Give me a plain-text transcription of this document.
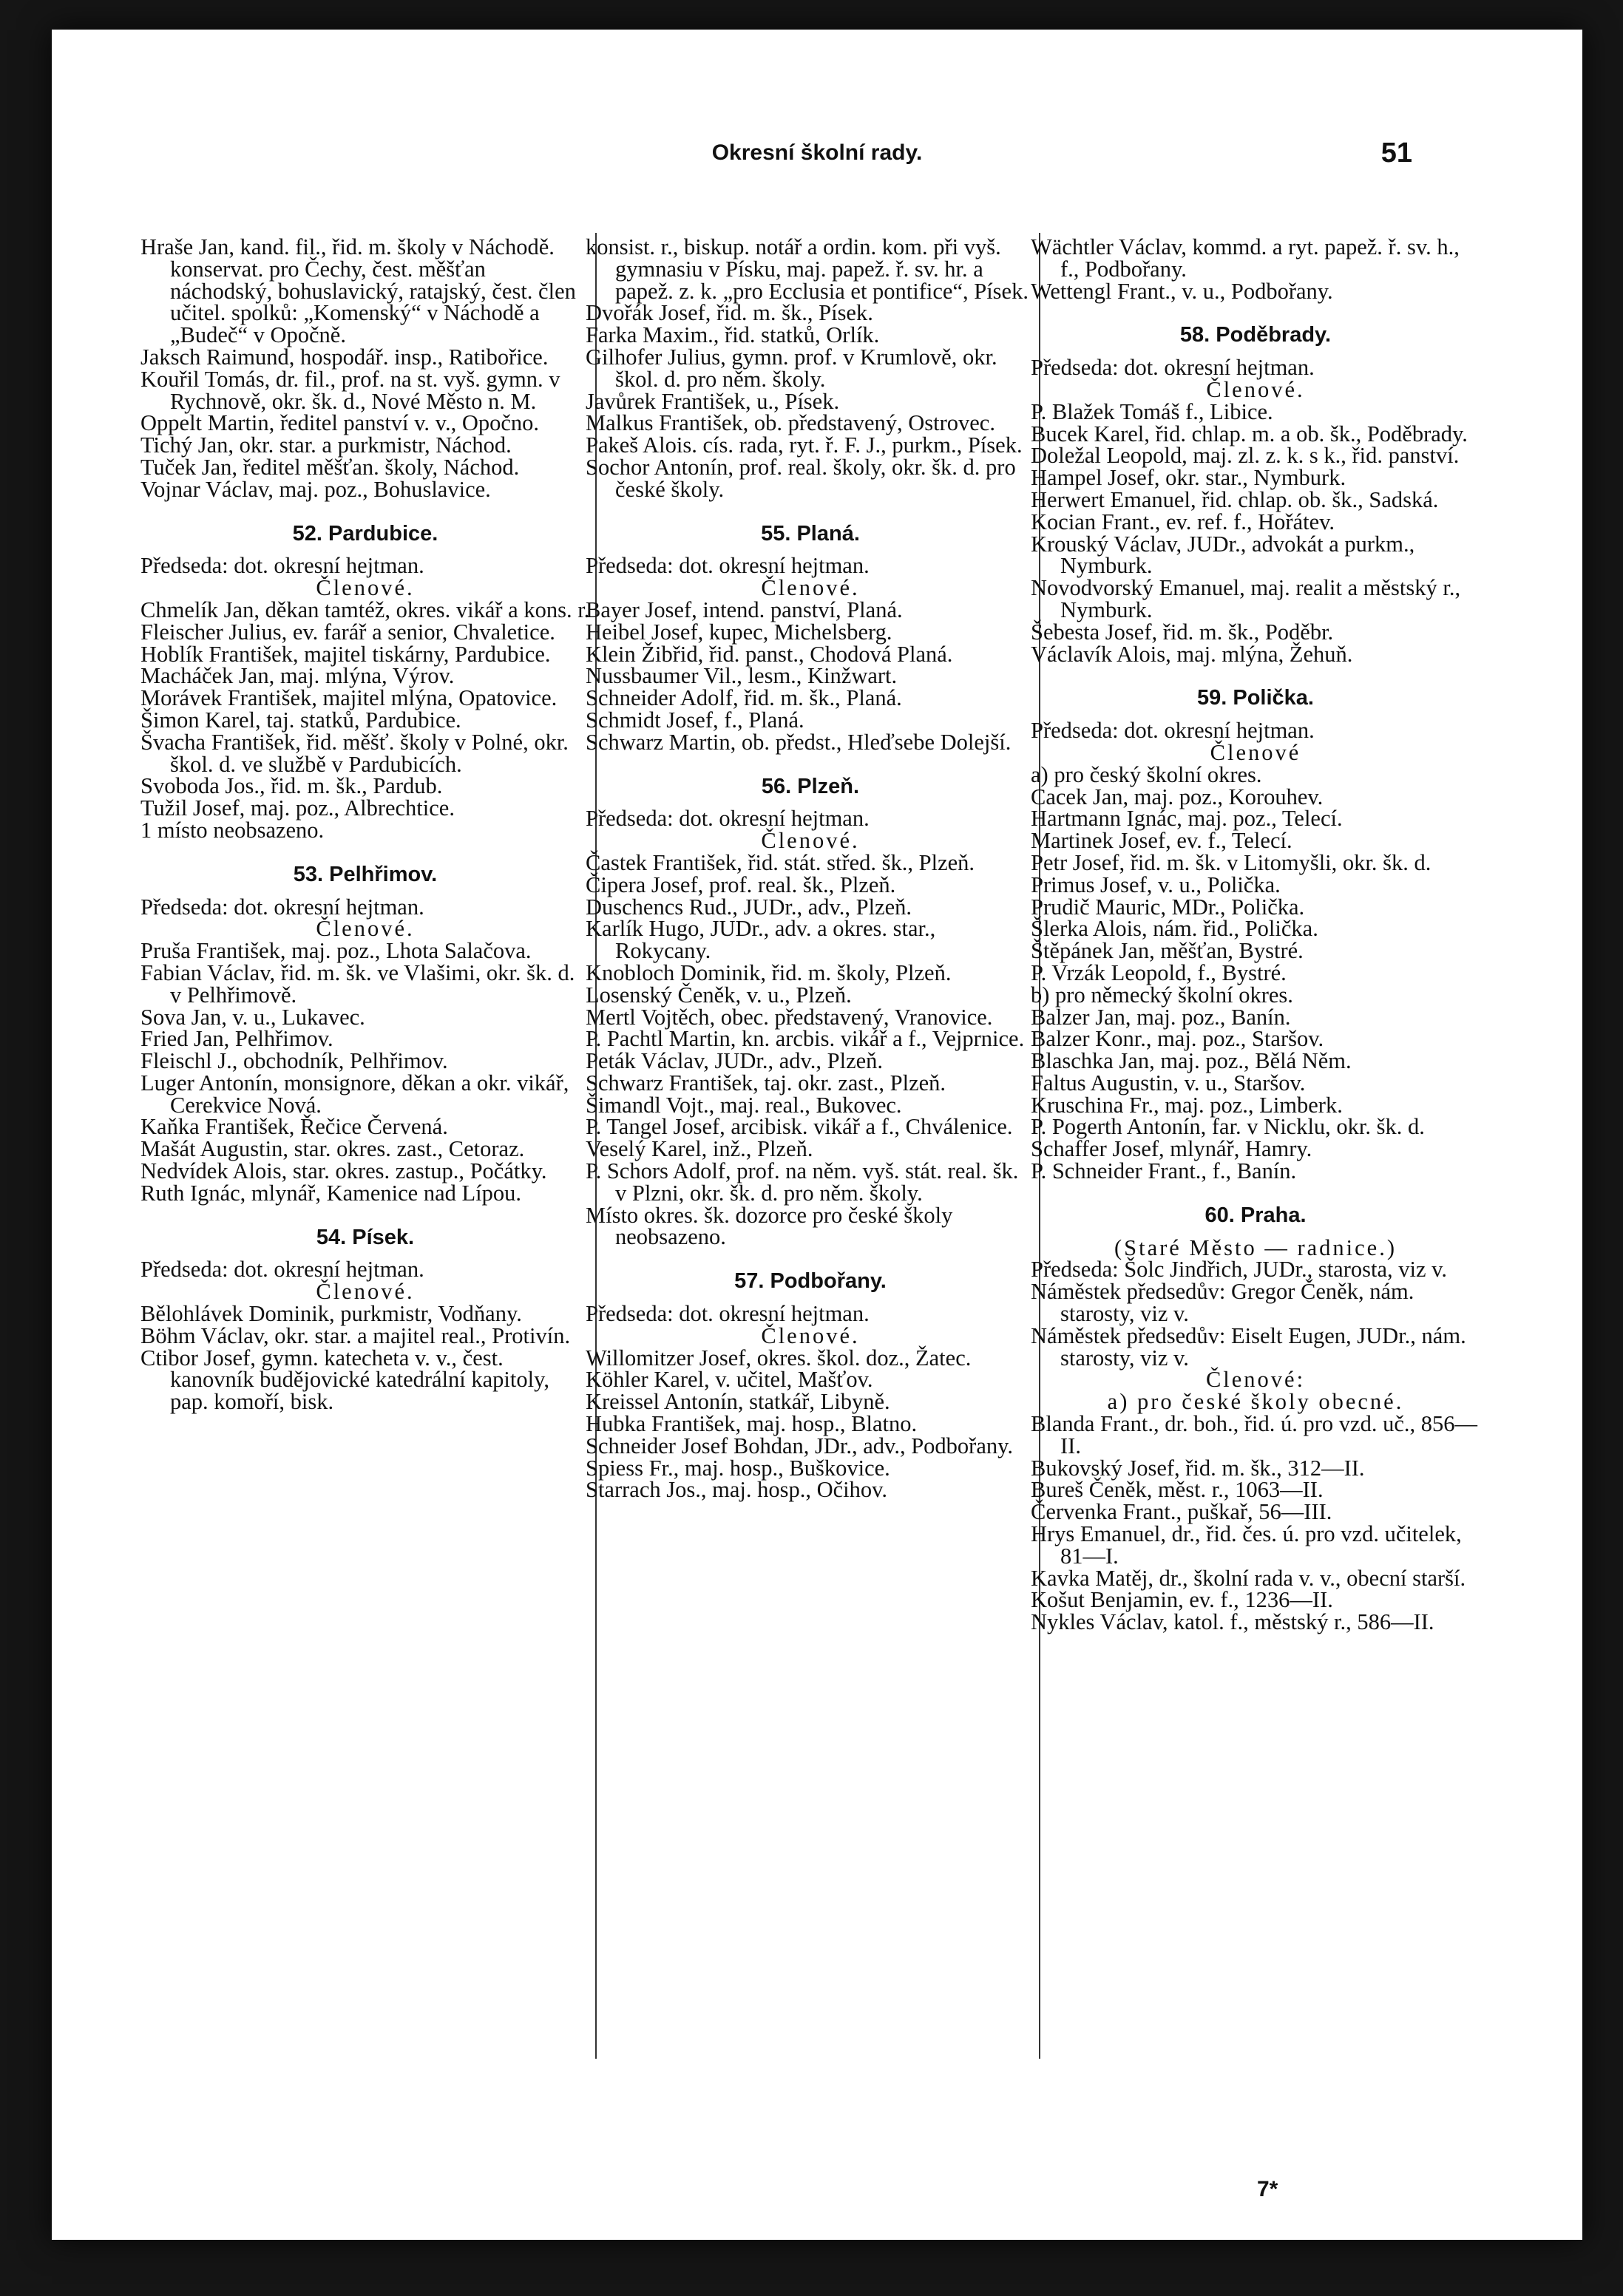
Okresní školní rady.	51

Hraše Jan, kand. fil., řid. m. školy v Náchodě. konservat. pro Čechy, čest. měšťan náchodský, bohuslavický, ratajský, čest. člen učitel. spolků: „Komenský“ v Náchodě a „Budeč“ v Opočně.

Jaksch Raimund, hospodář. insp., Ratibořice.

Kouřil Tomás, dr. fil., prof. na st. vyš. gymn. v Rychnově, okr. šk. d., Nové Město n. M.

Oppelt Martin, ředitel panství v. v., Opočno.

Tichý Jan, okr. star. a purkmistr, Náchod.

Tuček Jan, ředitel měšťan. školy, Náchod.

Vojnar Václav, maj. poz., Bohuslavice.

52. Pardubice.

Předseda: dot. okresní hejtman.

Členové.

Chmelík Jan, děkan tamtéž, okres. vikář a kons. r.

Fleischer Julius, ev. farář a senior, Chvaletice.

Hoblík František, majitel tiskárny, Pardubice.

Macháček Jan, maj. mlýna, Výrov.

Morávek František, majitel mlýna, Opatovice.

Šimon Karel, taj. statků, Pardubice.

Švacha František, řid. měšť. školy v Polné, okr. škol. d. ve službě v Pardubicích.

Svoboda Jos., řid. m. šk., Pardub.

Tužil Josef, maj. poz., Albrechtice.

1 místo neobsazeno.

53. Pelhřimov.

Předseda: dot. okresní hejtman.

Členové.

Pruša František, maj. poz., Lhota Salačova.

Fabian Václav, řid. m. šk. ve Vlašimi, okr. šk. d. v Pelhřimově.

Sova Jan, v. u., Lukavec.

Fried Jan, Pelhřimov.

Fleischl J., obchodník, Pelhřimov.

Luger Antonín, monsignore, děkan a okr. vikář, Cerekvice Nová.

Kaňka František, Řečice Červená.

Mašát Augustin, star. okres. zast., Cetoraz.

Nedvídek Alois, star. okres. zastup., Počátky.

Ruth Ignác, mlynář, Kamenice nad Lípou.

54. Písek.

Předseda: dot. okresní hejtman.

Členové.

Bělohlávek Dominik, purkmistr, Vodňany.

Böhm Václav, okr. star. a majitel real., Protivín.

Ctibor Josef, gymn. katecheta v. v., čest. kanovník budějovické katedrální kapitoly, pap. komoří, bisk.

konsist. r., biskup. notář a ordin. kom. při vyš. gymnasiu v Písku, maj. papež. ř. sv. hr. a papež. z. k. „pro Ecclusia et pontifice“, Písek.

Dvořák Josef, řid. m. šk., Písek.

Farka Maxim., řid. statků, Orlík.

Gilhofer Julius, gymn. prof. v Krumlově, okr. škol. d. pro něm. školy.

Javůrek František, u., Písek.

Malkus František, ob. představený, Ostrovec.

Pakeš Alois. cís. rada, ryt. ř. F. J., purkm., Písek.

Sochor Antonín, prof. real. školy, okr. šk. d. pro české školy.

55. Planá.

Předseda: dot. okresní hejtman.

Členové.

Bayer Josef, intend. panství, Planá.

Heibel Josef, kupec, Michelsberg.

Klein Žibřid, řid. panst., Chodová Planá.

Nussbaumer Vil., lesm., Kinžwart.

Schneider Adolf, řid. m. šk., Planá.

Schmidt Josef, f., Planá.

Schwarz Martin, ob. předst., Hleďsebe Dolejší.

56. Plzeň.

Předseda: dot. okresní hejtman.

Členové.

Častek František, řid. stát. střed. šk., Plzeň.

Čipera Josef, prof. real. šk., Plzeň.

Duschencs Rud., JUDr., adv., Plzeň.

Karlík Hugo, JUDr., adv. a okres. star., Rokycany.

Knobloch Dominik, řid. m. školy, Plzeň.

Losenský Čeněk, v. u., Plzeň.

Mertl Vojtěch, obec. představený, Vranovice.

P. Pachtl Martin, kn. arcbis. vikář a f., Vejprnice.

Peták Václav, JUDr., adv., Plzeň.

Schwarz František, taj. okr. zast., Plzeň.

Šimandl Vojt., maj. real., Bukovec.

P. Tangel Josef, arcibisk. vikář a f., Chválenice.

Veselý Karel, inž., Plzeň.

P. Schors Adolf, prof. na něm. vyš. stát. real. šk. v Plzni, okr. šk. d. pro něm. školy.

Místo okres. šk. dozorce pro české školy neobsazeno.

57. Podbořany.

Předseda: dot. okresní hejtman.

Členové.

Willomitzer Josef, okres. škol. doz., Žatec.

Köhler Karel, v. učitel, Mašťov.

Kreissel Antonín, statkář, Libyně.

Hubka František, maj. hosp., Blatno.

Schneider Josef Bohdan, JDr., adv., Podbořany.

Spiess Fr., maj. hosp., Buškovice.

Starrach Jos., maj. hosp., Očihov.

Wächtler Václav, kommd. a ryt. papež. ř. sv. h., f., Podbořany.

Wettengl Frant., v. u., Podbořany.

58. Poděbrady.

Předseda: dot. okresní hejtman.

Členové.

P. Blažek Tomáš f., Libice.

Bucek Karel, řid. chlap. m. a ob. šk., Poděbrady.

Doležal Leopold, maj. zl. z. k. s k., řid. panství.

Hampel Josef, okr. star., Nymburk.

Herwert Emanuel, řid. chlap. ob. šk., Sadská.

Kocian Frant., ev. ref. f., Hořátev.

Krouský Václav, JUDr., advokát a purkm., Nymburk.

Novodvorský Emanuel, maj. realit a městský r., Nymburk.

Šebesta Josef, řid. m. šk., Poděbr.

Václavík Alois, maj. mlýna, Žehuň.

59. Polička.

Předseda: dot. okresní hejtman.

Členové

a) pro český školní okres.

Cacek Jan, maj. poz., Korouhev.

Hartmann Ignác, maj. poz., Telecí.

Martinek Josef, ev. f., Telecí.

Petr Josef, řid. m. šk. v Litomyšli, okr. šk. d.

Primus Josef, v. u., Polička.

Prudič Mauric, MDr., Polička.

Šlerka Alois, nám. řid., Polička.

Štěpánek Jan, měšťan, Bystré.

P. Vrzák Leopold, f., Bystré.

b) pro německý školní okres.

Balzer Jan, maj. poz., Banín.

Balzer Konr., maj. poz., Staršov.

Blaschka Jan, maj. poz., Bělá Něm.

Faltus Augustin, v. u., Staršov.

Kruschina Fr., maj. poz., Limberk.

P. Pogerth Antonín, far. v Nicklu, okr. šk. d.

Schaffer Josef, mlynář, Hamry.

P. Schneider Frant., f., Banín.

60. Praha.

(Staré Město — radnice.)

Předseda: Šolc Jindřich, JUDr., starosta, viz v.

Náměstek předsedův: Gregor Čeněk, nám. starosty, viz v.

Náměstek předsedův: Eiselt Eugen, JUDr., nám. starosty, viz v.

Členové:

a) pro české školy obecné.

Blanda Frant., dr. boh., řid. ú. pro vzd. uč., 856—II.

Bukovský Josef, řid. m. šk., 312—II.

Bureš Čeněk, měst. r., 1063—II.

Červenka Frant., puškař, 56—III.

Hrys Emanuel, dr., řid. čes. ú. pro vzd. učitelek, 81—I.

Kavka Matěj, dr., školní rada v. v., obecní starší.

Košut Benjamin, ev. f., 1236—II.

Nykles Václav, katol. f., městský r., 586—II.

7*
